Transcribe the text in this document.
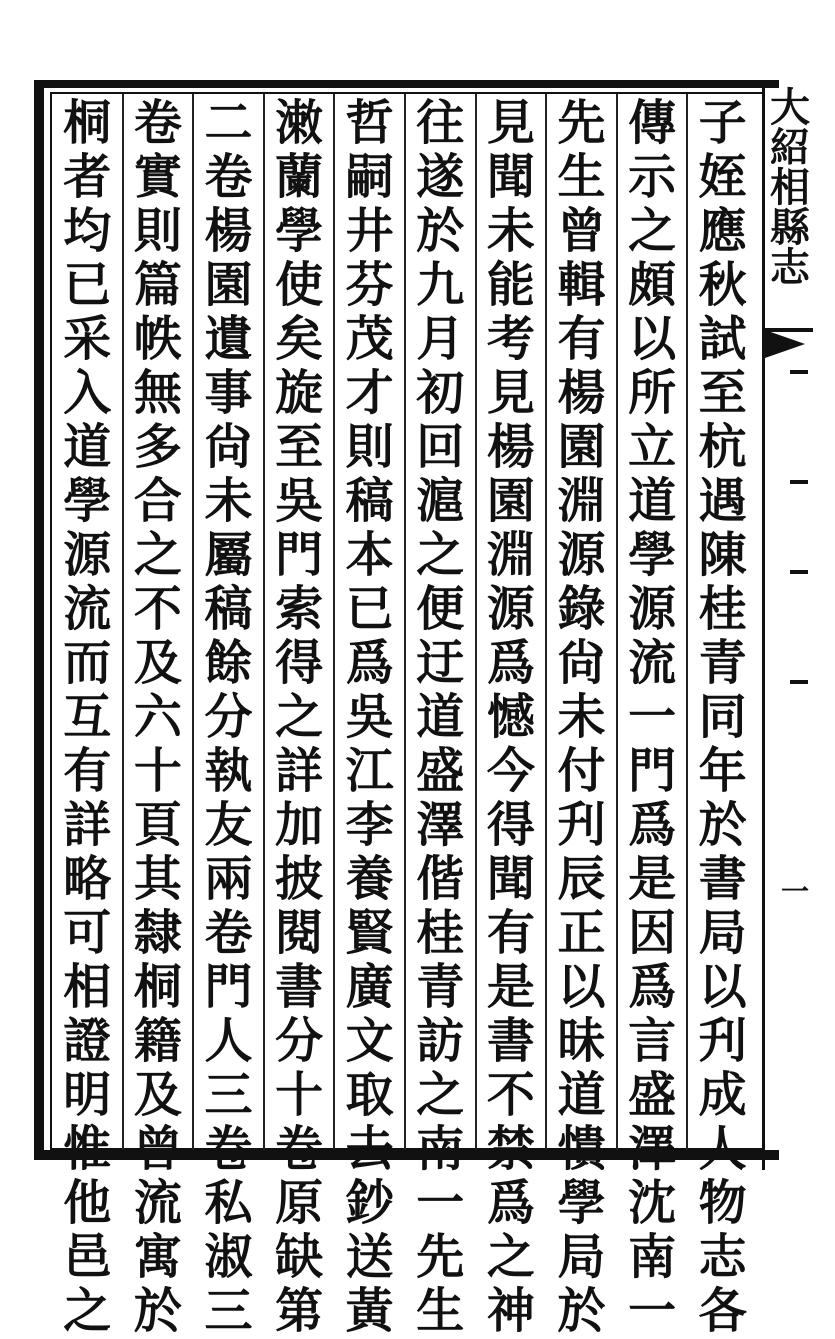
大
紹
相
縣
志
一
子
姪
應
秋
試
至
杭
遇
陳
桂
青
同
年
於
書
局
以
刋
成
人
物
志
各
傳
示
之
頗
以
所
立
道
學
源
流
一
門
爲
是
因
爲
言
盛
澤
沈
南
一
先
生
曾
輯
有
楊
園
淵
源
錄
尙
未
付
刋
辰
正
以
昧
道
憒
學
局
於
見
聞
未
能
考
見
楊
園
淵
源
爲
憾
今
得
聞
有
是
書
不
禁
爲
之
神
往
遂
於
九
月
初
回
滬
之
便
迂
道
盛
澤
偕
桂
青
訪
之
南
一
先
生
哲
嗣
井
芬
茂
才
則
稿
本
已
爲
吳
江
李
養
賢
廣
文
取
去
鈔
送
黃
潄
蘭
學
使
矣
旋
至
吳
門
索
得
之
詳
加
披
閱
書
分
十
卷
原
缺
第
二
卷
楊
園
遺
事
尙
未
屬
稿
餘
分
執
友
兩
卷
門
人
三
卷
私
淑
三
卷
實
則
篇
帙
無
多
合
之
不
及
六
十
頁
其
隸
桐
籍
及
曾
流
寓
於
桐
者
均
已
采
入
道
學
源
流
而
互
有
詳
略
可
相
證
明
惟
他
邑
之
